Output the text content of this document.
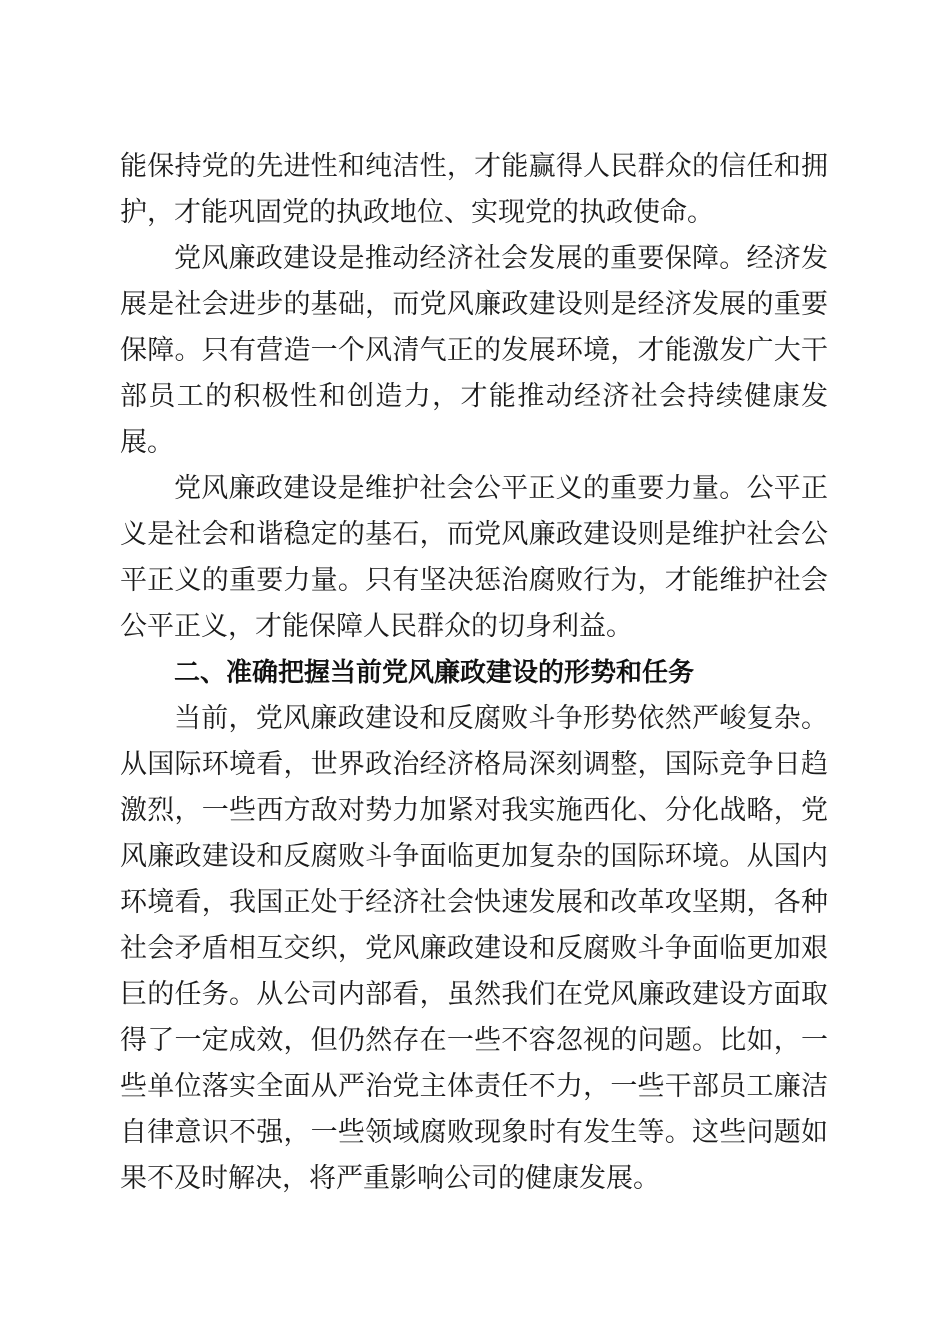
能保持党的先进性和纯洁性，才能赢得人民群众的信任和拥护，才能巩固党的执政地位、实现党的执政使命。

党风廉政建设是推动经济社会发展的重要保障。经济发展是社会进步的基础，而党风廉政建设则是经济发展的重要保障。只有营造一个风清气正的发展环境，才能激发广大干部员工的积极性和创造力，才能推动经济社会持续健康发展。

党风廉政建设是维护社会公平正义的重要力量。公平正义是社会和谐稳定的基石，而党风廉政建设则是维护社会公平正义的重要力量。只有坚决惩治腐败行为，才能维护社会公平正义，才能保障人民群众的切身利益。

二、准确把握当前党风廉政建设的形势和任务

当前，党风廉政建设和反腐败斗争形势依然严峻复杂。从国际环境看，世界政治经济格局深刻调整，国际竞争日趋激烈，一些西方敌对势力加紧对我实施西化、分化战略，党风廉政建设和反腐败斗争面临更加复杂的国际环境。从国内环境看，我国正处于经济社会快速发展和改革攻坚期，各种社会矛盾相互交织，党风廉政建设和反腐败斗争面临更加艰巨的任务。从公司内部看，虽然我们在党风廉政建设方面取得了一定成效，但仍然存在一些不容忽视的问题。比如，一些单位落实全面从严治党主体责任不力，一些干部员工廉洁自律意识不强，一些领域腐败现象时有发生等。这些问题如果不及时解决，将严重影响公司的健康发展。
